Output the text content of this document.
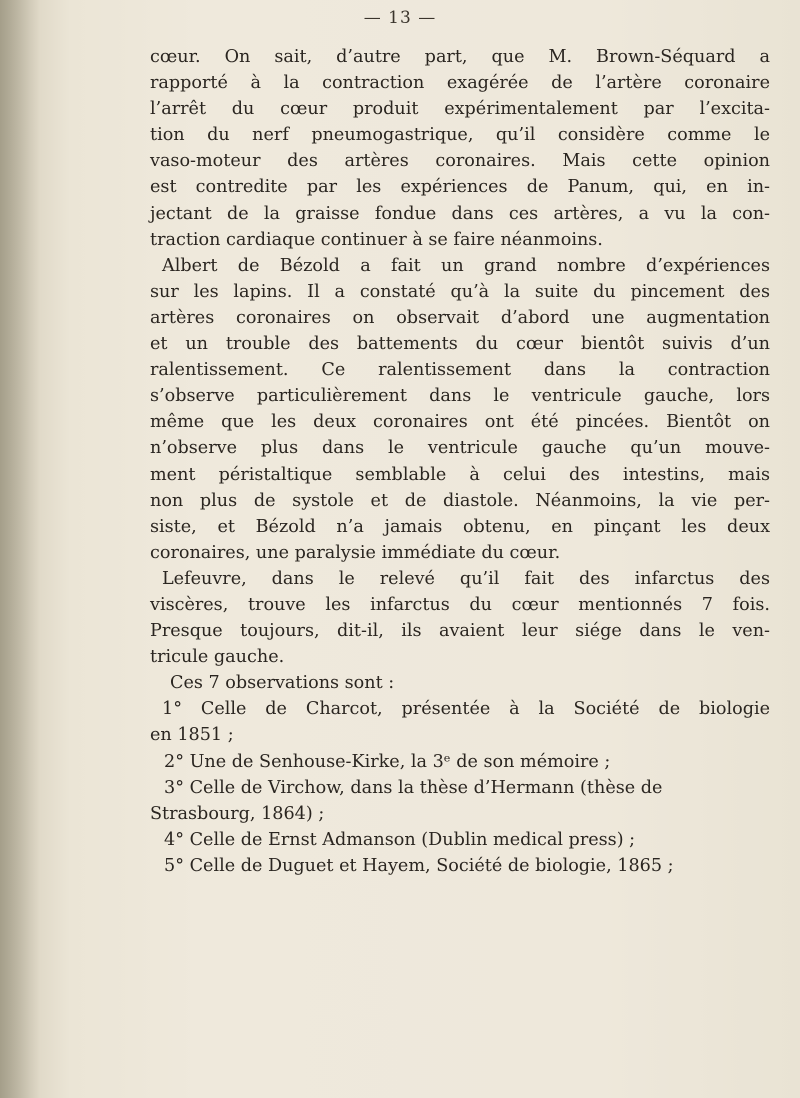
— 13 —
cœur. On sait, d’autre part, que M. Brown-Séquard a
rapporté à la contraction exagérée de l’artère coronaire
l’arrêt du cœur produit expérimentalement par l’excita-
tion du nerf pneumogastrique, qu’il considère comme le
vaso-moteur des artères coronaires. Mais cette opinion
est contredite par les expériences de Panum, qui, en in-
jectant de la graisse fondue dans ces artères, a vu la con-
traction cardiaque continuer à se faire néanmoins.
Albert de Bézold a fait un grand nombre d’expériences
sur les lapins. Il a constaté qu’à la suite du pincement des
artères coronaires on observait d’abord une augmentation
et un trouble des battements du cœur bientôt suivis d’un
ralentissement. Ce ralentissement dans la contraction
s’observe particulièrement dans le ventricule gauche, lors
même que les deux coronaires ont été pincées. Bientôt on
n’observe plus dans le ventricule gauche qu’un mouve-
ment péristaltique semblable à celui des intestins, mais
non plus de systole et de diastole. Néanmoins, la vie per-
siste, et Bézold n’a jamais obtenu, en pinçant les deux
coronaires, une paralysie immédiate du cœur.
Lefeuvre, dans le relevé qu’il fait des infarctus des
viscères, trouve les infarctus du cœur mentionnés 7 fois.
Presque toujours, dit-il, ils avaient leur siége dans le ven-
tricule gauche.
Ces 7 observations sont :
1° Celle de Charcot, présentée à la Société de biologie
en 1851 ;
2° Une de Senhouse-Kirke, la 3ᵉ de son mémoire ;
3° Celle de Virchow, dans la thèse d’Hermann (thèse de
Strasbourg, 1864) ;
4° Celle de Ernst Admanson (Dublin medical press) ;
5° Celle de Duguet et Hayem, Société de biologie, 1865 ;
